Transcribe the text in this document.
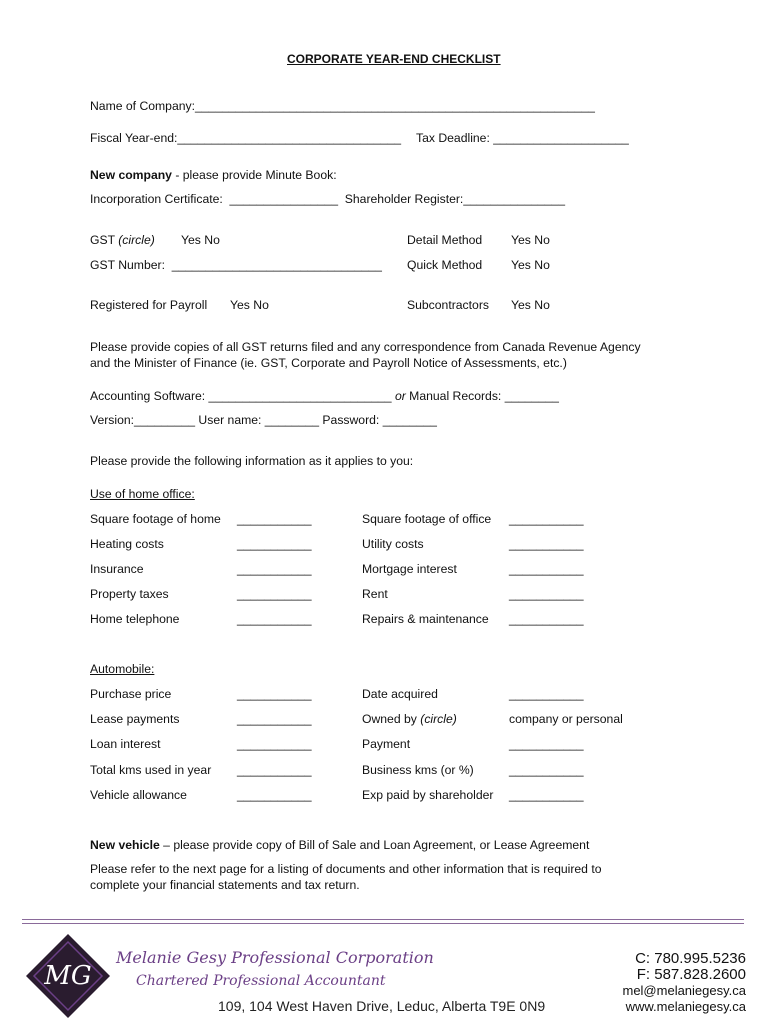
CORPORATE YEAR-END CHECKLIST
Name of Company:___________________________________________________________
Fiscal Year-end:_________________________________ Tax Deadline: ____________________
New company - please provide Minute Book:
Incorporation Certificate:  ________________  Shareholder Register:_______________
GST (circle) Yes No	Detail Method Yes No
GST Number:  _______________________________ Quick Method Yes No
Registered for Payroll Yes No	Subcontractors Yes No
Please provide copies of all GST returns filed and any correspondence from Canada Revenue Agency
and the Minister of Finance (ie. GST, Corporate and Payroll Notice of Assessments, etc.)
Accounting Software: ___________________________ or Manual Records: ________
Version:_________ User name: ________ Password: ________
Please provide the following information as it applies to you:
Use of home office:
Square footage of home ___________	Square footage of office ___________
Heating costs	___________	Utility costs	___________
Insurance	___________	Mortgage interest	___________
Property taxes	___________	Rent	___________
Home telephone	___________	Repairs & maintenance ___________
Automobile:
Purchase price	___________	Date acquired	___________
Lease payments	___________	Owned by (circle)	company or personal
Loan interest	___________	Payment	___________
Total kms used in year ___________	Business kms (or %)	___________
Vehicle allowance	___________	Exp paid by shareholder ___________
New vehicle – please provide copy of Bill of Sale and Loan Agreement, or Lease Agreement
Please refer to the next page for a listing of documents and other information that is required to
complete your financial statements and tax return.
MG
Melanie Gesy Professional Corporation
Chartered Professional Accountant
109, 104 West Haven Drive, Leduc, Alberta T9E 0N9
C: 780.995.5236
F: 587.828.2600
mel@melaniegesy.ca
www.melaniegesy.ca
